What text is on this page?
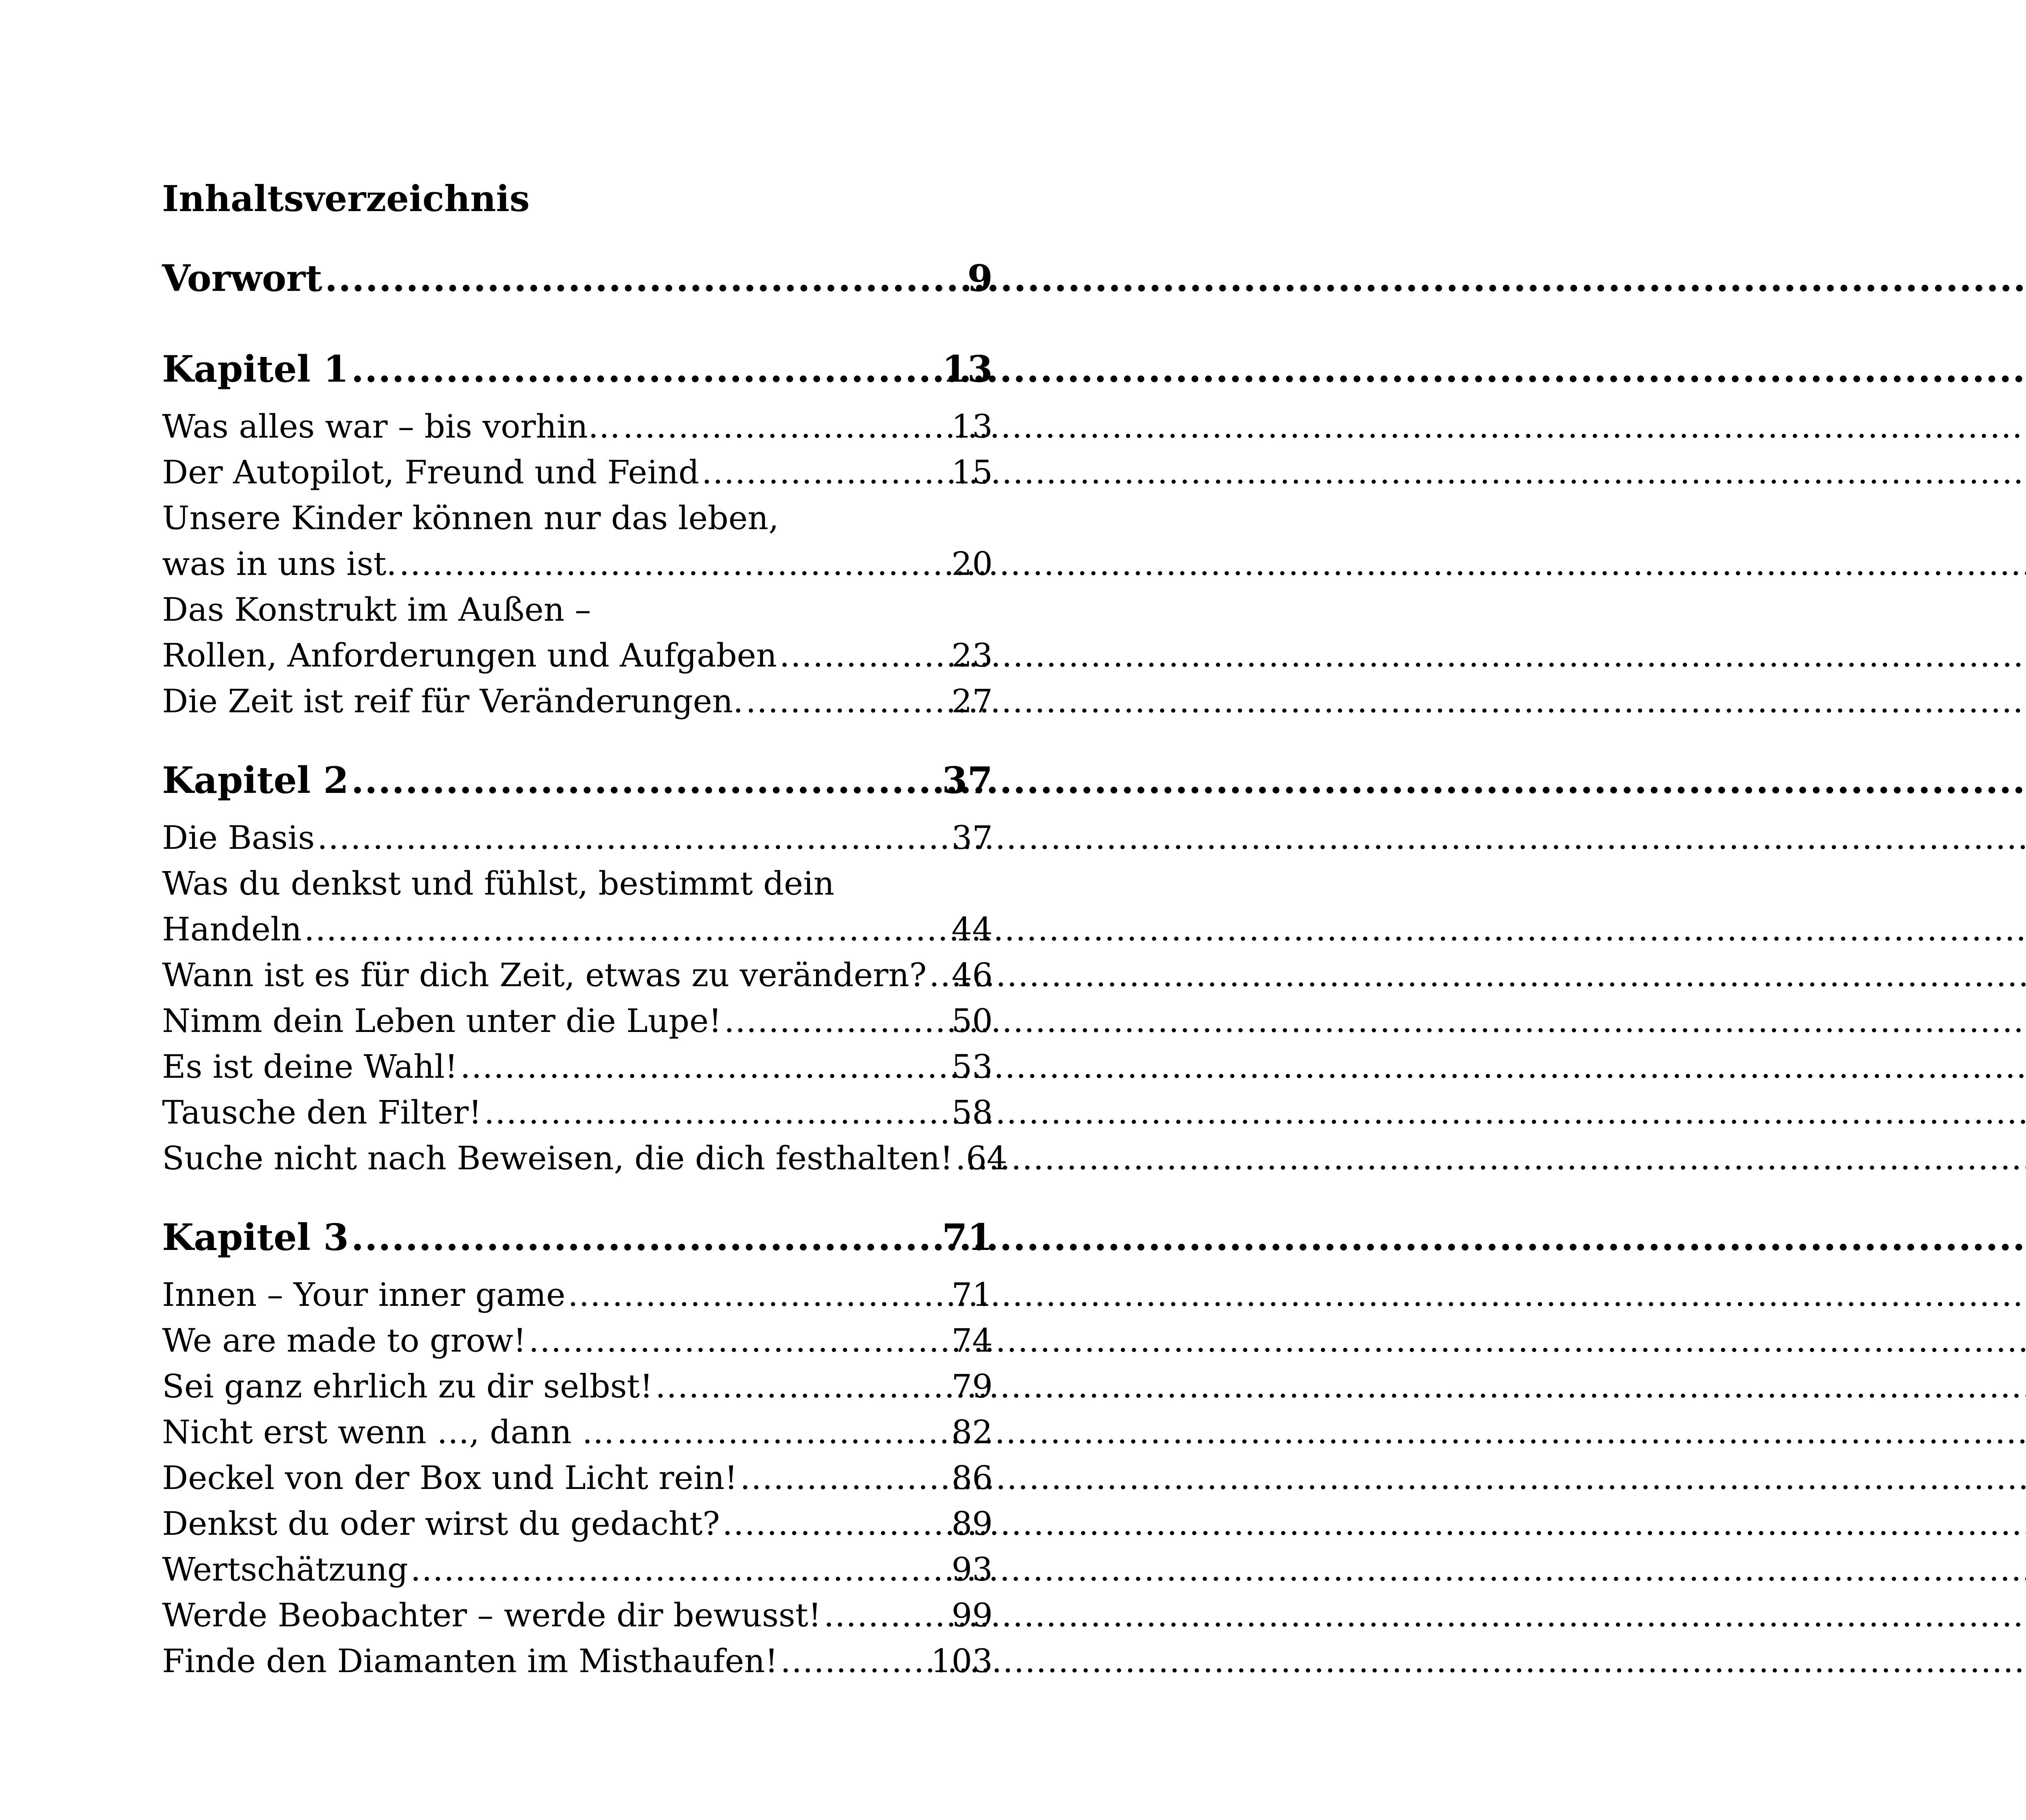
Inhaltsverzeichnis
Vorwort .....	9
Kapitel 1 .....	13
Was alles war – bis vorhin… .....	13
Der Autopilot, Freund und Feind .....	15
Unsere Kinder können nur das leben,
was in uns ist. .....	20
Das Konstrukt im Außen –
Rollen, Anforderungen und Aufgaben .....	23
Die Zeit ist reif für Veränderungen. .....	27
Kapitel 2 .....	37
Die Basis .....	37
Was du denkst und fühlst, bestimmt dein
Handeln .....	44
Wann ist es für dich Zeit, etwas zu verändern? ..... 46
Nimm dein Leben unter die Lupe! .....	50
Es ist deine Wahl! .....	53
Tausche den Filter! .....	58
Suche nicht nach Beweisen, die dich festhalten! ..... 64
Kapitel 3 .....	71
Innen – Your inner game .....	71
We are made to grow! .....	74
Sei ganz ehrlich zu dir selbst! .....	79
Nicht erst wenn …, dann … .....	82
Deckel von der Box und Licht rein! .....	86
Denkst du oder wirst du gedacht? .....	89
Wertschätzung .....	93
Werde Beobachter – werde dir bewusst! .....	99
Finde den Diamanten im Misthaufen! .....	103
